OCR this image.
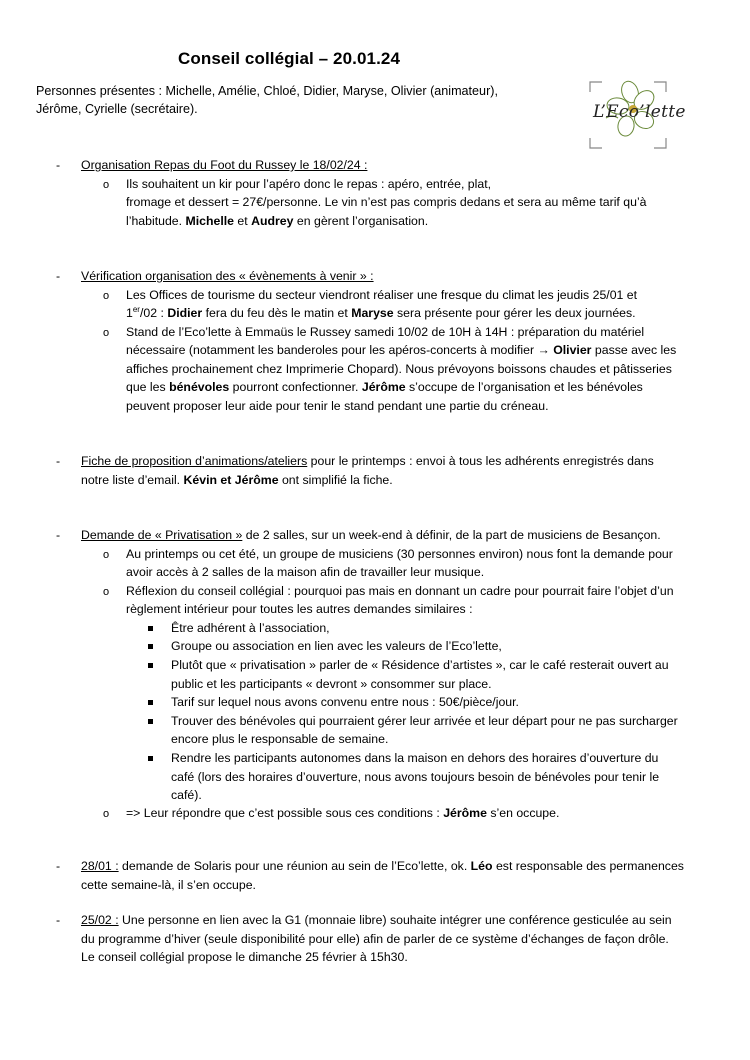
Conseil collégial – 20.01.24
Personnes présentes : Michelle, Amélie, Chloé, Didier, Maryse, Olivier (animateur),
Jérôme, Cyrielle (secrétaire).	L’Eco’lette
- Organisation Repas du Foot du Russey le 18/02/24 :
o Ils souhaitent un kir pour l’apéro donc le repas : apéro, entrée, plat,
fromage et dessert = 27€/personne. Le vin n’est pas compris dedans et sera au même tarif qu’à
l’habitude. Michelle et Audrey en gèrent l’organisation.
- Vérification organisation des « évènements à venir » :
o Les Offices de tourisme du secteur viendront réaliser une fresque du climat les jeudis 25/01 et
1er/02 : Didier fera du feu dès le matin et Maryse sera présente pour gérer les deux journées.
o Stand de l’Eco’lette à Emmaüs le Russey samedi 10/02 de 10H à 14H : préparation du matériel
nécessaire (notamment les banderoles pour les apéros-concerts à modifier → Olivier passe avec les
affiches prochainement chez Imprimerie Chopard). Nous prévoyons boissons chaudes et pâtisseries
que les bénévoles pourront confectionner. Jérôme s’occupe de l’organisation et les bénévoles
peuvent proposer leur aide pour tenir le stand pendant une partie du créneau.
- Fiche de proposition d’animations/ateliers pour le printemps : envoi à tous les adhérents enregistrés dans
notre liste d’email. Kévin et Jérôme ont simplifié la fiche.
- Demande de « Privatisation » de 2 salles, sur un week-end à définir, de la part de musiciens de Besançon.
o Au printemps ou cet été, un groupe de musiciens (30 personnes environ) nous font la demande pour
avoir accès à 2 salles de la maison afin de travailler leur musique.
o Réflexion du conseil collégial : pourquoi pas mais en donnant un cadre pour pourrait faire l’objet d’un
règlement intérieur pour toutes les autres demandes similaires :
Être adhérent à l’association,
Groupe ou association en lien avec les valeurs de l’Eco’lette,
Plutôt que « privatisation » parler de « Résidence d’artistes », car le café resterait ouvert au
public et les participants « devront » consommer sur place.
Tarif sur lequel nous avons convenu entre nous : 50€/pièce/jour.
Trouver des bénévoles qui pourraient gérer leur arrivée et leur départ pour ne pas surcharger
encore plus le responsable de semaine.
Rendre les participants autonomes dans la maison en dehors des horaires d’ouverture du
café (lors des horaires d’ouverture, nous avons toujours besoin de bénévoles pour tenir le
café).
o => Leur répondre que c’est possible sous ces conditions : Jérôme s’en occupe.
- 28/01 : demande de Solaris pour une réunion au sein de l’Eco’lette, ok. Léo est responsable des permanences
cette semaine-là, il s’en occupe.
- 25/02 : Une personne en lien avec la G1 (monnaie libre) souhaite intégrer une conférence gesticulée au sein
du programme d’hiver (seule disponibilité pour elle) afin de parler de ce système d’échanges de façon drôle.
Le conseil collégial propose le dimanche 25 février à 15h30.
